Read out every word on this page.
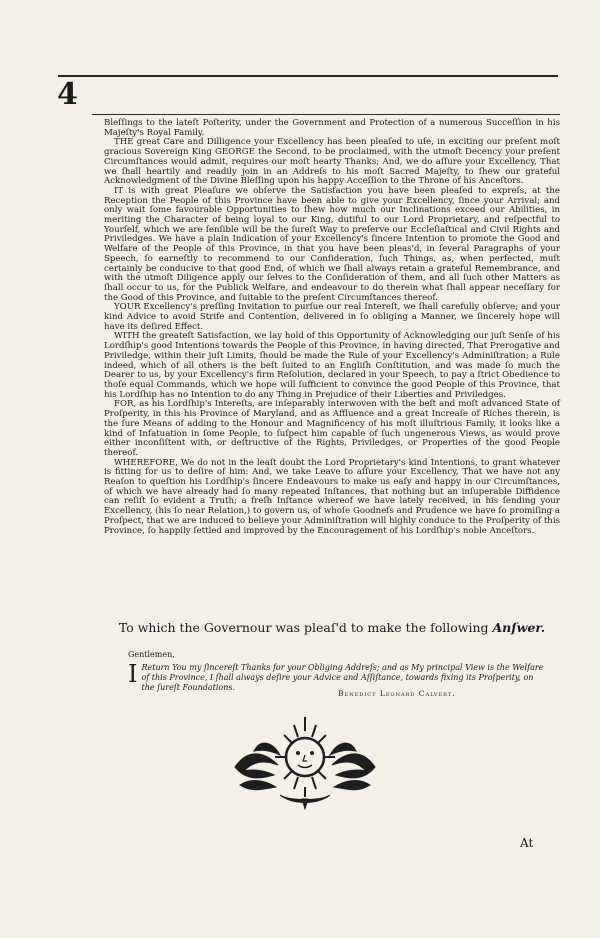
4

Bleſſings to the lateſt Poſterity, under the Government and Protection of a numerous Succeſſion in his Majeſty's Royal Family.

THE great Care and Dilligence your Excellency has been pleaſed to uſe, in exciting our preſent moſt gracious Sovereign King GEORGE the Second, to be proclaimed, with the utmoſt Decency your preſent Circumſtances would admit, requires our moſt hearty Thanks; And, we do aſſure your Excellency, That we ſhall heartily and readily join in an Addreſs to his moſt Sacred Majeſty, to ſhew our grateful Acknowledgment of the Divine Bleſſing upon his happy Acceſſion to the Throne of his Anceſtors.

IT is with great Pleaſure we obſerve the Satisfaction you have been pleaſed to expreſs, at the Reception the People of this Province have been able to give your Excellency, ſince your Arrival; and only wait ſome favourable Opportunities to ſhew how much our Inclinations exceed our Abilities, in meriting the Character of being loyal to our King, dutiful to our Lord Proprietary, and reſpectful to Yourſelf, which we are ſenſible will be the ſureſt Way to preſerve our Eccleſiaſtical and Civil Rights and Priviledges. We have a plain Indication of your Excellency's ſincere Intention to promote the Good and Welfare of the People of this Province, in that you have been pleas'd, in ſeveral Paragraphs of your Speech, ſo earneſtly to recommend to our Conſideration, ſuch Things, as, when perfected, muſt certainly be conducive to that good End, of which we ſhall always retain a grateful Remembrance, and with the utmoſt Diligence apply our ſelves to the Conſideration of them, and all ſuch other Matters as ſhall occur to us, for the Publick Welfare, and endeavour to do therein what ſhall appear neceſſary for the Good of this Province, and ſuitable to the preſent Circumſtances thereof.

YOUR Excellency's preſſing Invitation to purſue our real Intereſt, we ſhall carefully obſerve; and your kind Advice to avoid Strife and Contention, delivered in ſo obliging a Manner, we ſincerely hope will have its deſired Effect.

WITH the greateſt Satisfaction, we lay hold of this Opportunity of Acknowledging our juſt Senſe of his Lordſhip's good Intentions towards the People of this Province, in having directed, That Prerogative and Priviledge, within their juſt Limits, ſhould be made the Rule of your Excellency's Adminiſtration; a Rule indeed, which of all others is the beſt ſuited to an Engliſh Conſtitution, and was made ſo much the Dearer to us, by your Excellency's firm Reſolution, declared in your Speech, to pay a ſtrict Obedience to thoſe equal Commands, which we hope will ſufficient to convince the good People of this Province, that his Lordſhip has no Intention to do any Thing in Prejudice of their Liberties and Priviledges.

FOR, as his Lordſhip's Intereſts, are inſeparably interwoven with the beſt and moſt advanced State of Proſperity, in this his Province of Maryland, and as Affluence and a great Increaſe of Riches therein, is the ſure Means of adding to the Honour and Magnificency of his moſt illuſtrious Family, it looks like a kind of Infatuation in ſome People, to ſuſpect him capable of ſuch ungenerous Views, as would prove either inconſiſtent with, or deſtructive of the Rights, Priviledges, or Properties of the good People thereof.

WHEREFORE, We do not in the leaſt doubt the Lord Proprietary's kind Intentions, to grant whatever is fitting for us to deſire of him: And, we take Leave to aſſure your Excellency, That we have not any Reaſon to queſtion his Lordſhip's ſincere Endeavours to make us eaſy and happy in our Circumſtances, of which we have already had ſo many repeated Inſtances, that nothing but an inſuperable Diffidence can reſiſt ſo evident a Truth; a freſh Inſtance whereof we have lately received, in his ſending your Excellency, (his ſo near Relation,) to govern us, of whoſe Goodneſs and Prudence we have ſo promiſing a Proſpect, that we are induced to believe your Adminiſtration will highly conduce to the Proſperity of this Province, ſo happily ſettled and improved by the Encouragement of his Lordſhip's noble Anceſtors.

To which the Governour was pleaſ'd to make the following Anſwer.
Gentlemen,
I Return You my ſincereſt Thanks for your Obliging Addreſs; and as My principal View is the Welfare of this Province, I ſhall always deſire your Advice and Aſſiſtance, towards fixing its Proſperity, on the ſureſt Foundations.
Benedict Leonard Calvert.
At
